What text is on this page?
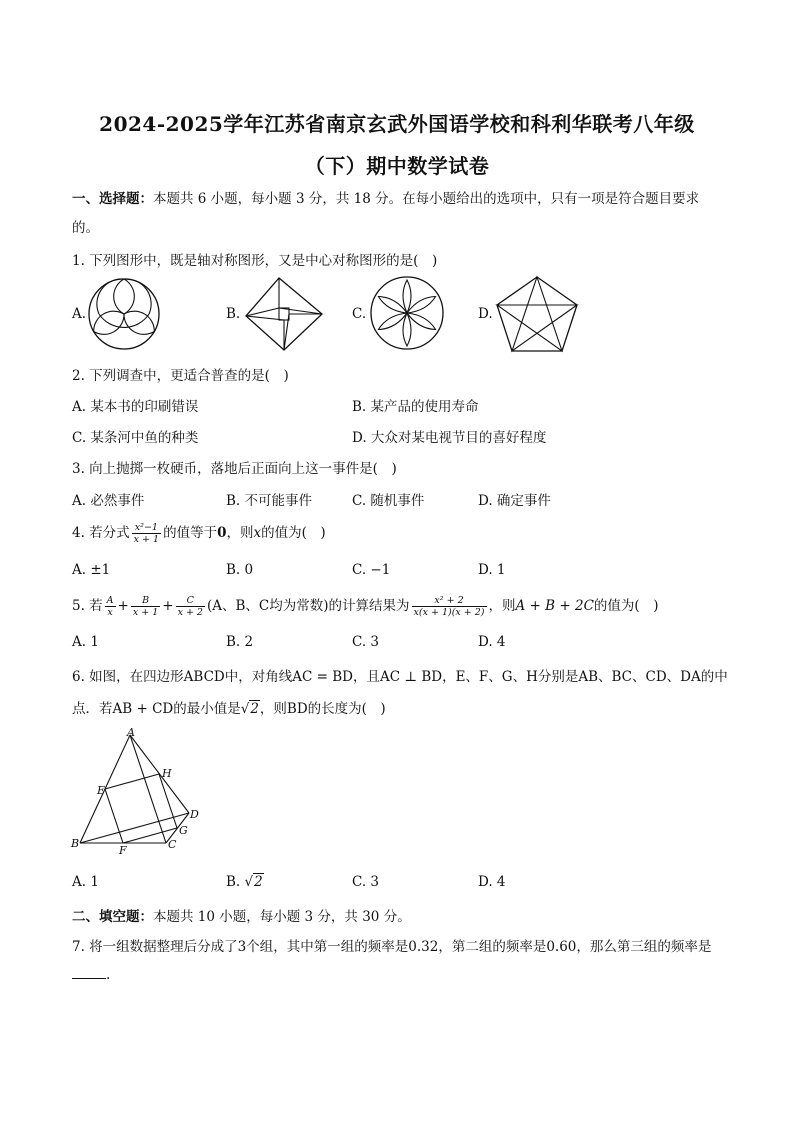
2024-2025学年江苏省南京玄武外国语学校和科利华联考八年级
（下）期中数学试卷
一、选择题：本题共 6 小题，每小题 3 分，共 18 分。在每小题给出的选项中，只有一项是符合题目要求
的。
1. 下列图形中，既是轴对称图形，又是中心对称图形的是(　)
A.	B.	C.	D.
2. 下列调查中，更适合普查的是(　)
A. 某本书的印刷错误	B. 某产品的使用寿命
C. 某条河中鱼的种类	D. 大众对某电视节目的喜好程度
3. 向上抛掷一枚硬币，落地后正面向上这一事件是(　)
A. 必然事件	B. 不可能事件	C. 随机事件	D. 确定事件
4. 若分式 $\frac{\text{x²−1}}{x + 1}$ 的值等于0，则x的值为(　)
A. ±1	B. 0	C. −1	D. 1
5. 若 $\frac{A}{x} + \frac{B}{x + 1} + \frac{C}{x + 2} (A$、B、C均为常数)的计算结果为 $\frac{\text{x² + 2}}{x(x + 1)(x + 2)}$ ，则A + B + 2C的值为(　)
A. 1	B. 2	C. 3	D. 4
6. 如图，在四边形ABCD中，对角线AC = BD，且AC ⊥ BD，E、F、G、H分别是AB、BC、CD、DA的中
点．若AB + CD的最小值是√2，则BD的长度为(　)
A
H
E
D
G
B
F	C
A. 1	B. √2	C. 3	D. 4
二、填空题：本题共 10 小题，每小题 3 分，共 30 分。
7. 将一组数据整理后分成了3个组，其中第一组的频率是0.32，第二组的频率是0.60，那么第三组的频率是
.
